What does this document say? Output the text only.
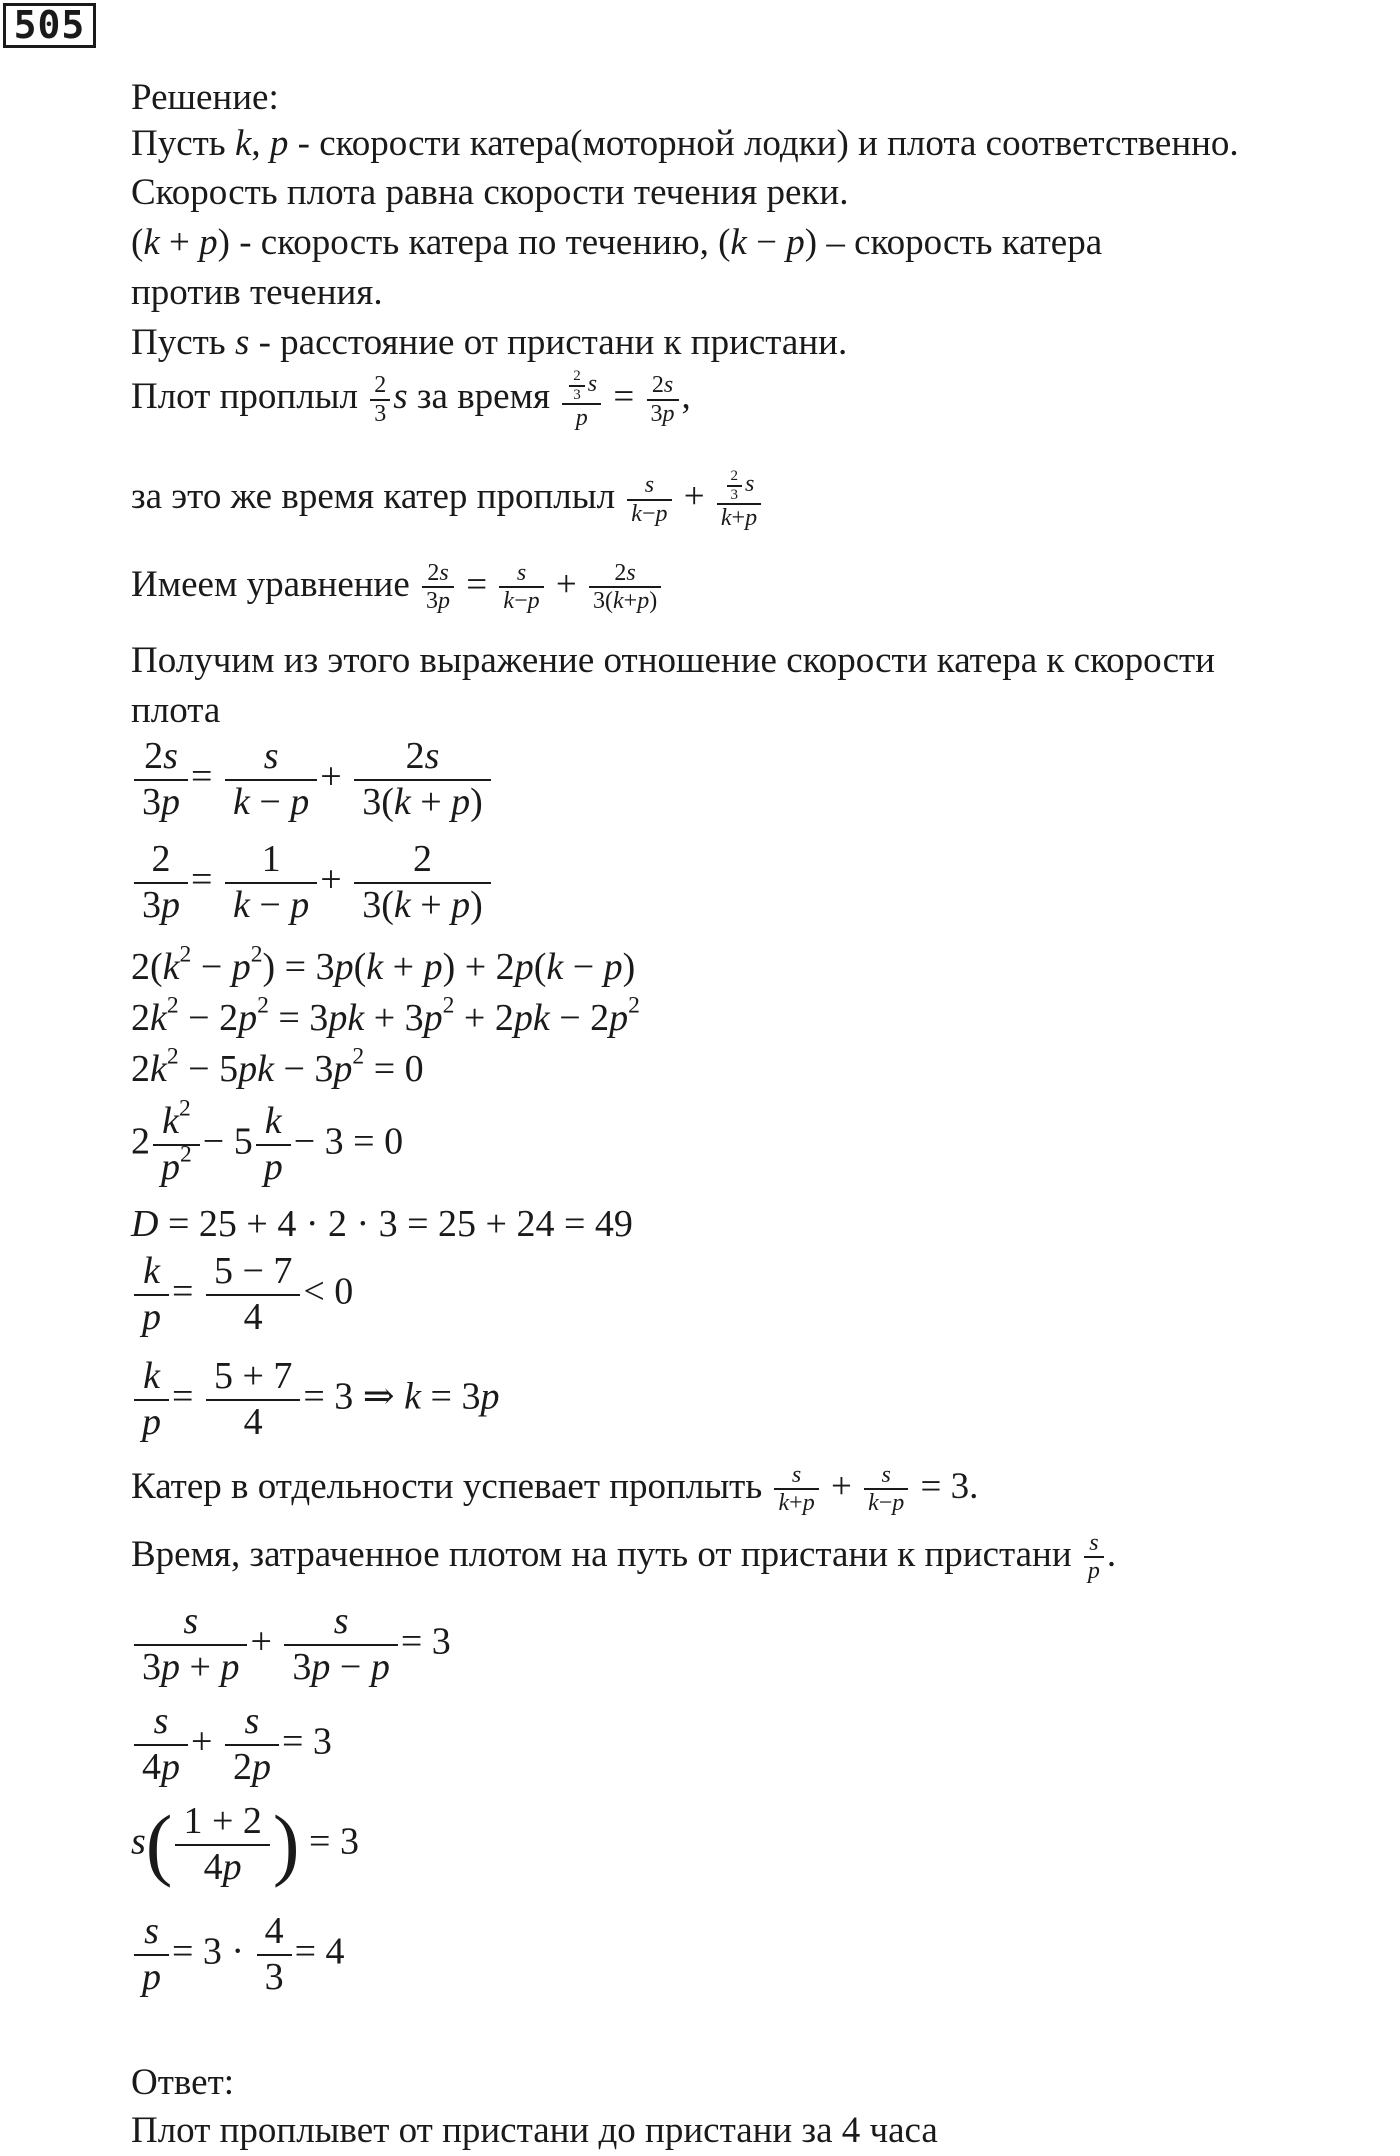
505
Решение:
Пусть k, p - скорости катера(моторной лодки) и плота соответственно.
Скорость плота равна скорости течения реки.
(k + p) - скорость катера по течению, (k − p) – скорость катера
против течения.
Пусть s - расстояние от пристани к пристани.
Плот проплыл $\frac{2}{3}$ s за время $\frac{\frac{2}{3} s}{p} = \frac{2s}{3p}$ ,
за это же время катер проплыл $\frac{s}{k-p} + \frac{\frac{2}{3} s}{k+p}$
Имеем уравнение $\frac{2s}{3p} = \frac{s}{k-p} + \frac{2s}{3(k+p)}$
Получим из этого выражение отношение скорости катера к скорости
плота
$\frac{2s}{3p} = \frac{s}{k - p} + \frac{2s}{3(k + p)}$
$\frac{2}{3p} = \frac{1}{k - p} + \frac{2}{3(k + p)}$
$2(k^2 - p^2) = 3p(k + p) + 2p(k - p)$
$2k^2 - 2p^2 = 3pk + 3p^2 + 2pk - 2p^2$
$2k^2 - 5pk - 3p^2 = 0$
$2 \frac{k^2}{p^2} - 5 \frac{k}{p} - 3 = 0$
D = 25 + 4 · 2 · 3 = 25 + 24 = 49
$\frac{k}{p} = \frac{5 - 7}{4} < 0$
$\frac{k}{p} = \frac{5 + 7}{4} = 3$ ⇒ k = 3p
Катер в отдельности успевает проплыть $\frac{s}{k+p} + \frac{s}{k-p} = 3$.
Время, затраченное плотом на путь от пристани к пристани $\frac{s}{p}$ .
$\frac{s}{3p + p} + \frac{s}{3p - p} = 3$
$\frac{s}{4p} + \frac{s}{2p} = 3$
$s( \frac{1 + 2}{4p}$ ) = 3
$\frac{s}{p} = 3 \cdot \frac{4}{3} = 4$
Ответ:
Плот проплывет от пристани до пристани за 4 часа
